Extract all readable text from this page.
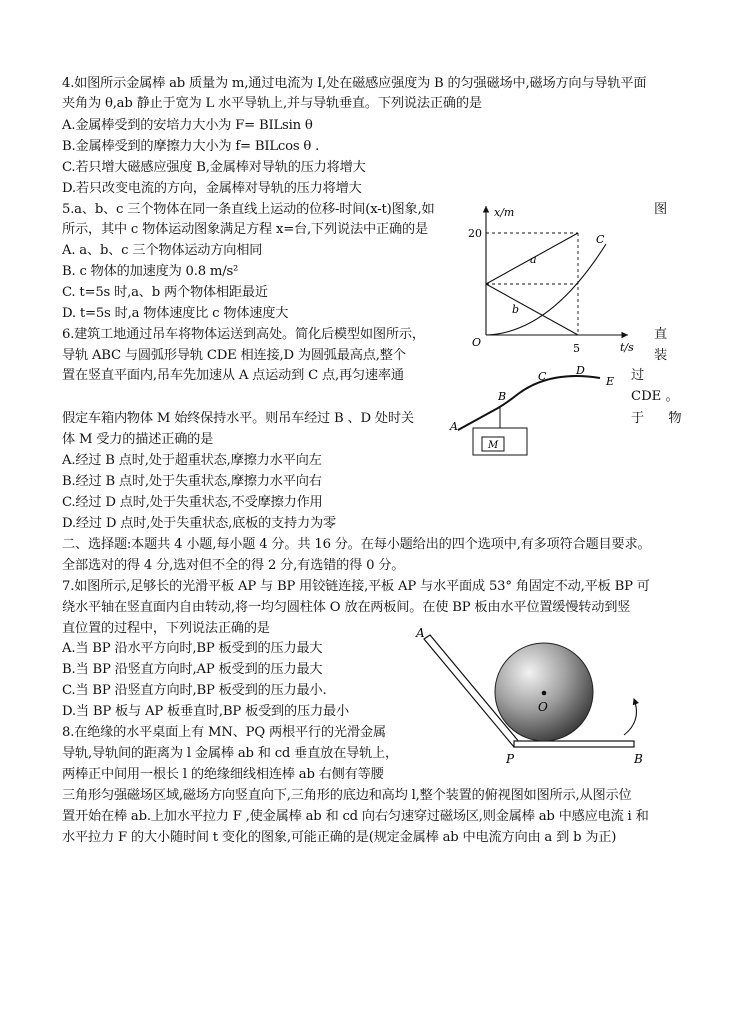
4.如图所示金属棒 ab 质量为 m,通过电流为 I,处在磁感应强度为 B 的匀强磁场中,磁场方向与导轨平面
夹角为 θ,ab 静止于宽为 L 水平导轨上,并与导轨垂直。下列说法正确的是
A.金属棒受到的安培力大小为 F= BILsin θ
B.金属棒受到的摩擦力大小为 f= BILcos θ .
C.若只增大磁感应强度 B,金属棒对导轨的压力将增大
D.若只改变电流的方向，金属棒对导轨的压力将增大
5.a、b、c 三个物体在同一条直线上运动的位移-时间(x-t)图象,如	图
所示，其中 c 物体运动图象满足方程 x=台,下列说法中正确的是
A. a、b、c 三个物体运动方向相同
B. c 物体的加速度为 0.8 m/s²
C. t=5s 时,a、b 两个物体相距最近
D. t=5s 时,a 物体速度比 c 物体速度大
x/m
t/s
20
5
O
a
b
C
6.建筑工地通过吊车将物体运送到高处。简化后模型如图所示，	直
导轨 ABC 与圆弧形导轨 CDE 相连接,D 为圆弧最高点,整个	装
置在竖直平面内,吊车先加速从 A 点运动到 C 点,再匀速率通	过
CDE 。
假定车箱内物体 M 始终保持水平。则吊车经过 B 、D 处时关	于 物
体 M 受力的描述正确的是
A.经过 B 点时,处于超重状态,摩擦力水平向左
B.经过 B 点时,处于失重状态,摩擦力水平向右
C.经过 D 点时,处于失重状态,不受摩擦力作用
D.经过 D 点时,处于失重状态,底板的支持力为零
M
A
B
C	D
E
二、选择题:本题共 4 小题,每小题 4 分。共 16 分。在每小题给出的四个选项中,有多项符合题目要求。
全部选对的得 4 分,选对但不全的得 2 分,有选错的得 0 分。
7.如图所示,足够长的光滑平板 AP 与 BP 用铰链连接,平板 AP 与水平面成 53° 角固定不动,平板 BP 可
绕水平轴在竖直面内自由转动,将一均匀圆柱体 O 放在两板间。在使 BP 板由水平位置缓慢转动到竖
直位置的过程中，下列说法正确的是
A.当 BP 沿水平方向时,BP 板受到的压力最大
B.当 BP 沿竖直方向时,AP 板受到的压力最大
C.当 BP 沿竖直方向时,BP 板受到的压力最小.
D.当 BP 板与 AP 板垂直时,BP 板受到的压力最小
A
O
P	B
8.在绝缘的水平桌面上有 MN、PQ 两根平行的光滑金属
导轨,导轨间的距离为 l 金属棒 ab 和 cd 垂直放在导轨上，
两棒正中间用一根长 l 的绝缘细线相连棒 ab 右侧有等腰
三角形匀强磁场区域,磁场方向竖直向下,三角形的底边和高均 l,整个装置的俯视图如图所示,从图示位
置开始在棒 ab.上加水平拉力 F ,使金属棒 ab 和 cd 向右匀速穿过磁场区,则金属棒 ab 中感应电流 i 和
水平拉力 F 的大小随时间 t 变化的图象,可能正确的是(规定金属棒 ab 中电流方向由 a 到 b 为正)
